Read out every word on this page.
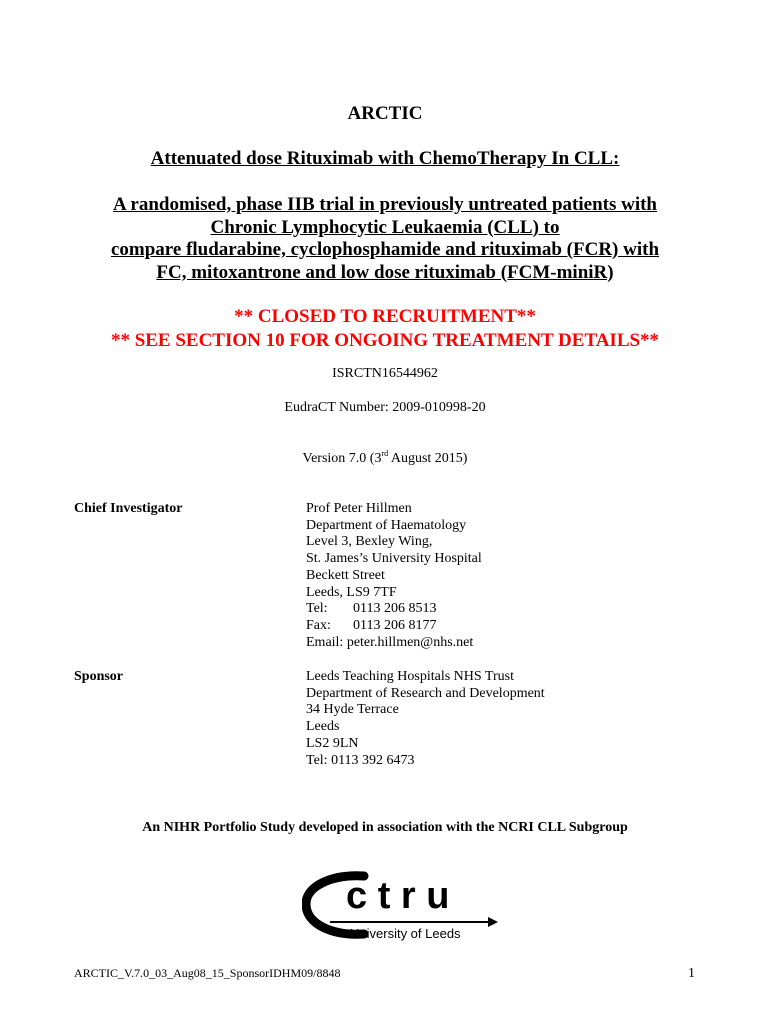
ARCTIC
Attenuated dose Rituximab with ChemoTherapy In CLL:
A randomised, phase IIB trial in previously untreated patients with
Chronic Lymphocytic Leukaemia (CLL) to
compare fludarabine, cyclophosphamide and rituximab (FCR) with
FC, mitoxantrone and low dose rituximab (FCM-miniR)
** CLOSED TO RECRUITMENT**
** SEE SECTION 10 FOR ONGOING TREATMENT DETAILS**
ISRCTN16544962
EudraCT Number: 2009-010998-20
Version 7.0 (3rd August 2015)
Chief Investigator	Prof Peter Hillmen
Department of Haematology
Level 3, Bexley Wing,
St. James’s University Hospital
Beckett Street
Leeds, LS9 7TF
Tel: 0113 206 8513
Fax: 0113 206 8177
Email: peter.hillmen@nhs.net
Sponsor	Leeds Teaching Hospitals NHS Trust
Department of Research and Development
34 Hyde Terrace
Leeds
LS2 9LN
Tel: 0113 392 6473
An NIHR Portfolio Study developed in association with the NCRI CLL Subgroup
c t r u
University of Leeds
ARCTIC_V.7.0_03_Aug08_15_SponsorIDHM09/8848	1
